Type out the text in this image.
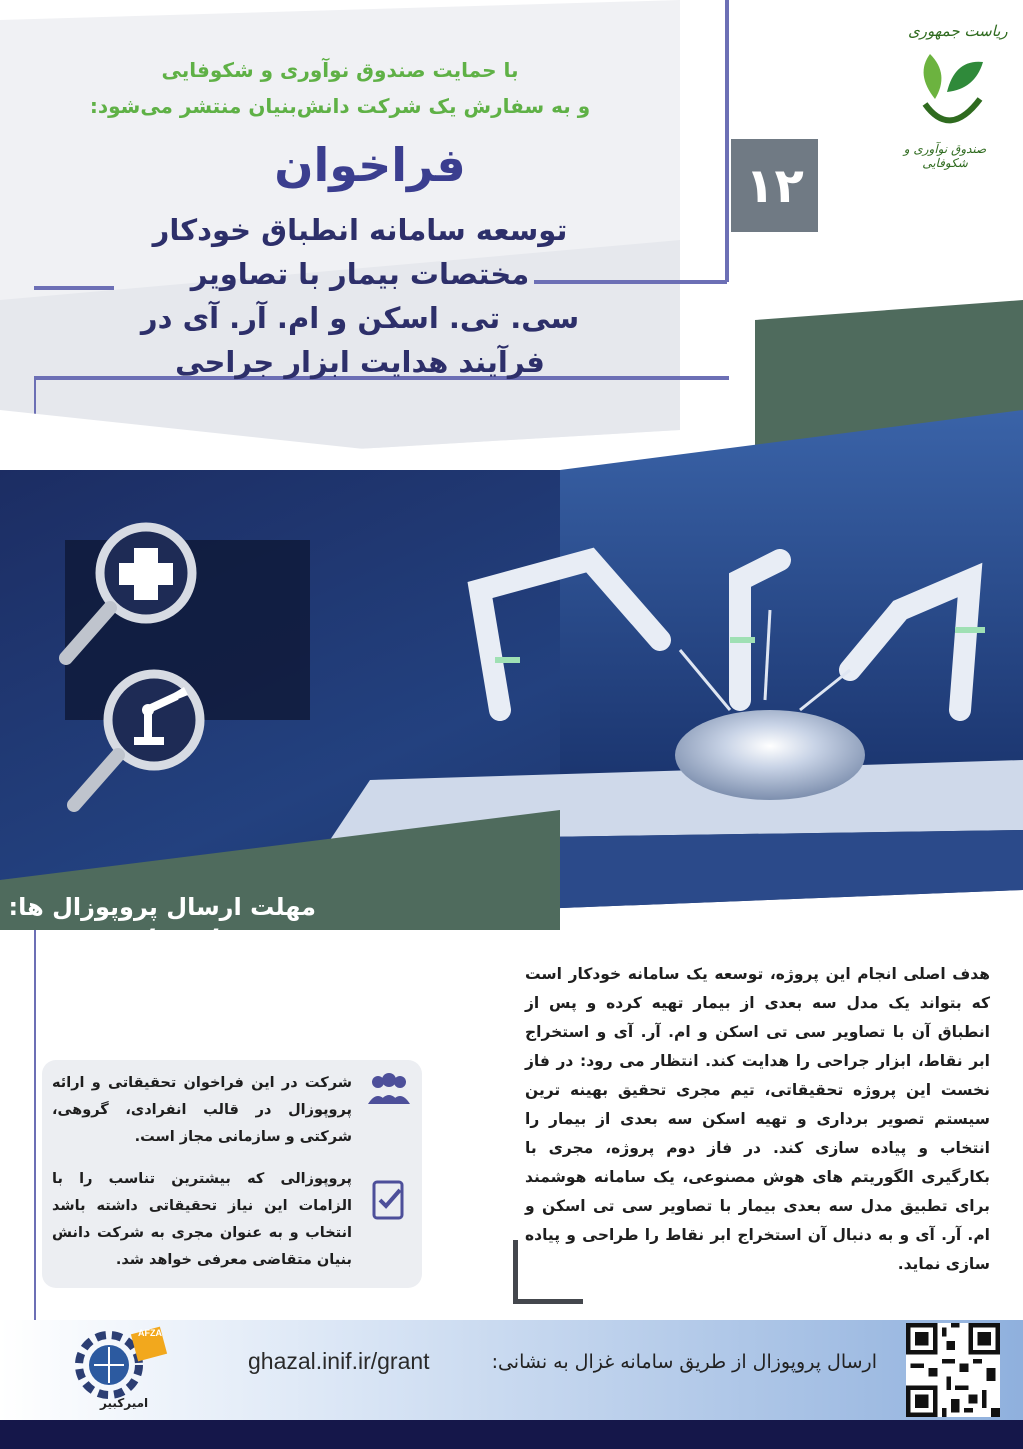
با حمایت صندوق نوآوری و شکوفایی
و به سفارش یک شرکت دانش‌بنیان منتشر می‌شود:
فراخوان
توسعه سامانه انطباق خودکار
مختصات بیمار با تصاویر
سی. تی. اسکن و ام. آر. آی در
فرآیند هدایت ابزار جراحی
۱۲
ریاست جمهوری
صندوق نوآوری و شکوفایی
مهلت ارسال پروپوزال ها:
۱۳۹۹/۱۱/۰۲
هدف اصلی انجام این پروژه، توسعه یک سامانه خودکار است که بتواند یک مدل سه بعدی از بیمار تهیه کرده و پس از انطباق آن با تصاویر سی تی اسکن و ام. آر. آی و استخراج ابر نقاط، ابزار جراحی را هدایت کند. انتظار می رود: در فاز نخست این پروژه تحقیقاتی، تیم مجری تحقیق بهینه ترین سیستم تصویر برداری و تهیه اسکن سه بعدی از بیمار را انتخاب و پیاده سازی کند. در فاز دوم پروژه، مجری با بکارگیری الگوریتم های هوش مصنوعی، یک سامانه هوشمند برای تطبیق مدل سه بعدی بیمار با تصاویر سی تی اسکن و ام. آر. آی و به دنبال آن استخراج ابر نقاط را طراحی و پیاده سازی نماید.
شرکت در این فراخوان تحقیقاتی و ارائه پروپوزال در قالب انفرادی، گروهی، شرکتی و سازمانی مجاز است.
پروپوزالی که بیشترین تناسب را با الزامات این نیاز تحقیقاتی داشته باشد انتخاب و به عنوان مجری به شرکت دانش بنیان متقاضی معرفی خواهد شد.
AFZA
امیرکبیر
ghazal.inif.ir/grant	ارسال پروپوزال از طریق سامانه غزال به نشانی:
